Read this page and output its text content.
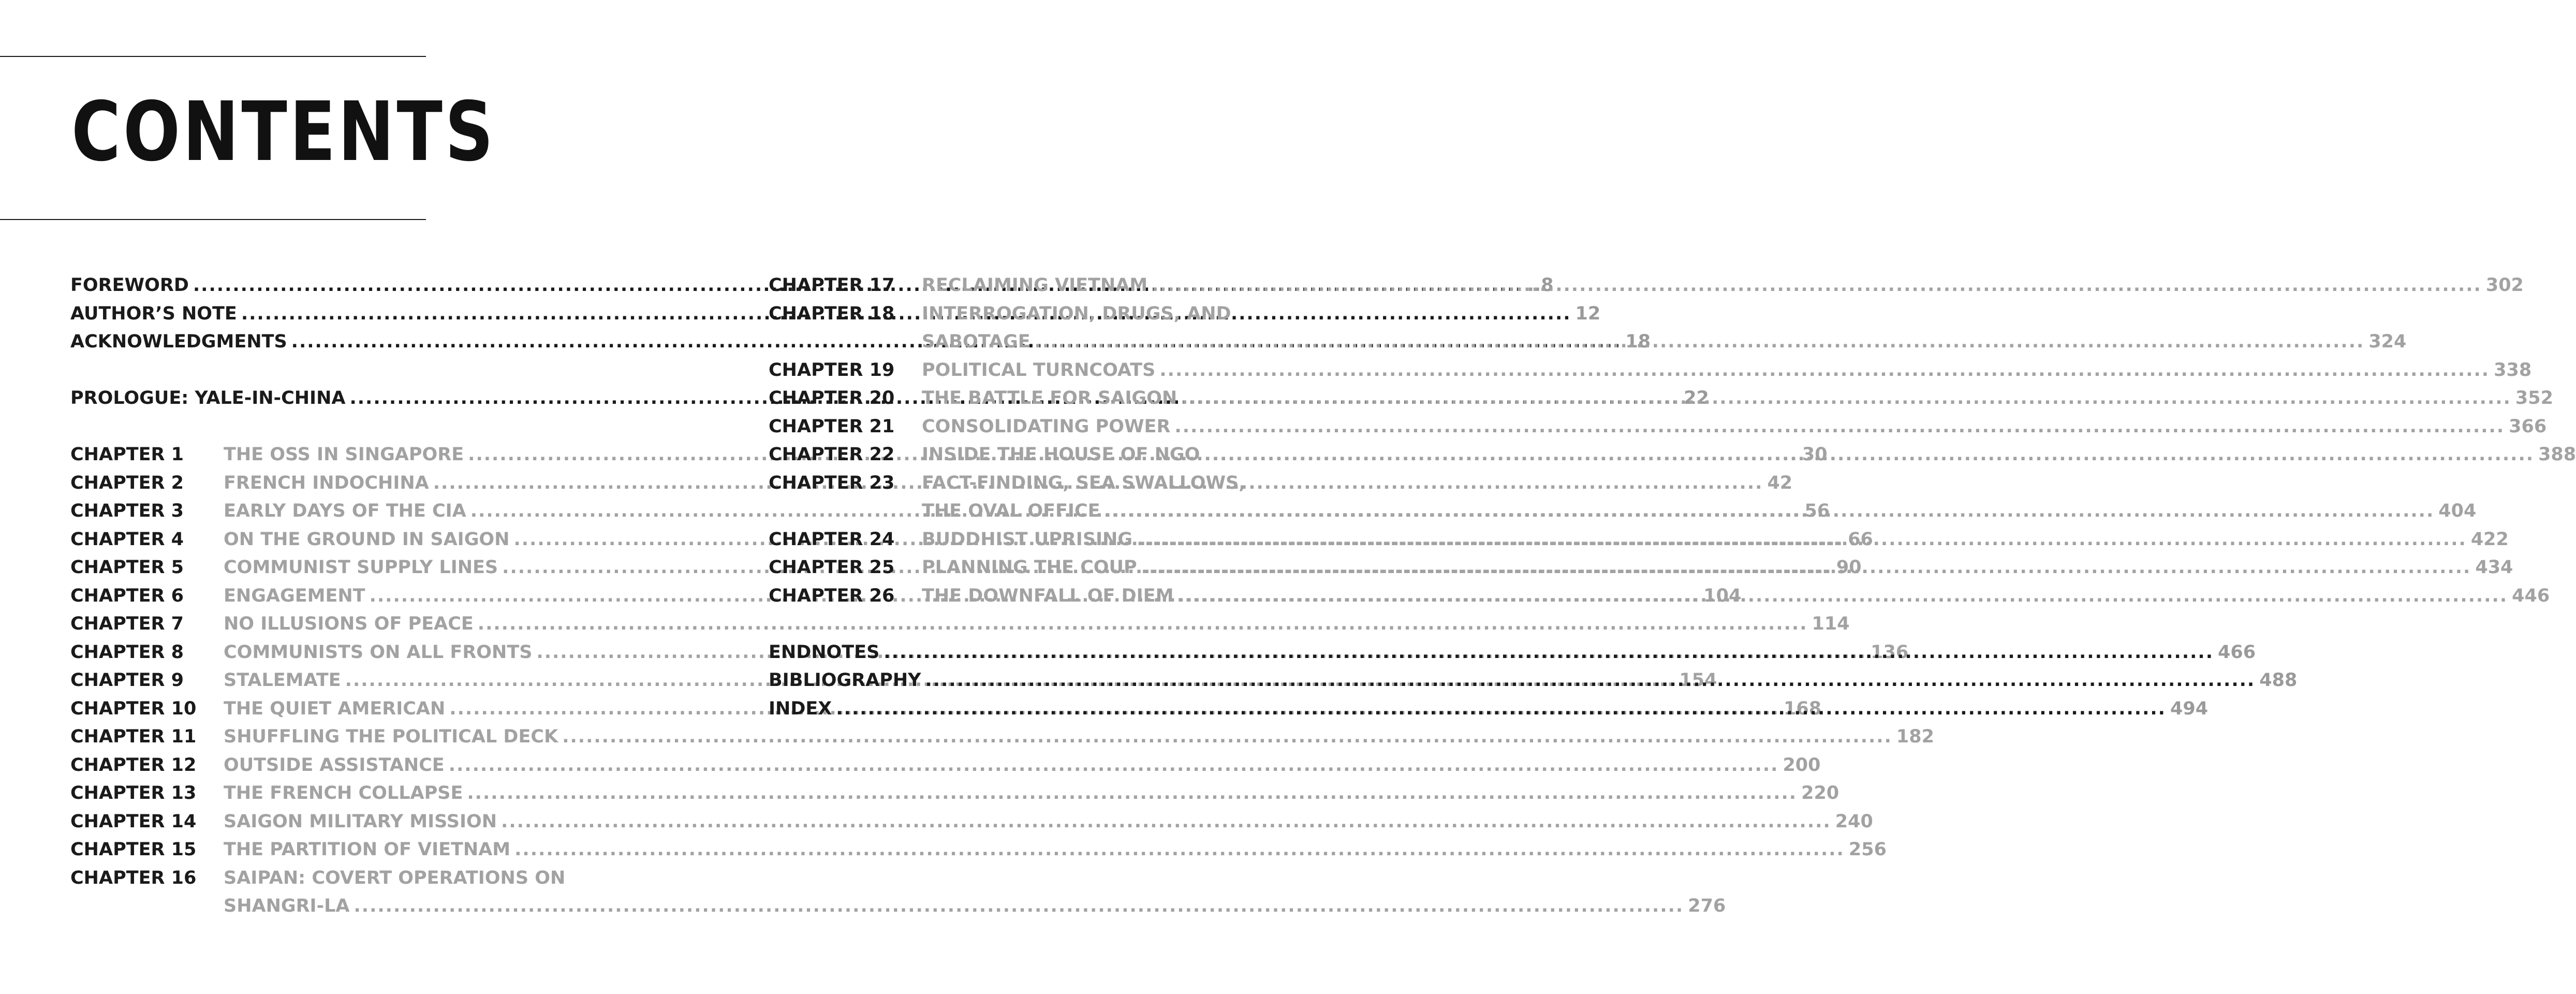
CONTENTS
FOREWORD .....	..8
AUTHOR’S NOTE .....	12
ACKNOWLEDGMENTS .....	18
PROLOGUE: YALE-IN-CHINA .....	22
CHAPTER 1	THE OSS IN SINGAPORE .....	30
CHAPTER 2	FRENCH INDOCHINA .....	42
CHAPTER 3	EARLY DAYS OF THE CIA .....	56
CHAPTER 4	ON THE GROUND IN SAIGON .....	66
CHAPTER 5	COMMUNIST SUPPLY LINES .....	90
CHAPTER 6	ENGAGEMENT .....	104
CHAPTER 7	NO ILLUSIONS OF PEACE .....	114
CHAPTER 8	COMMUNISTS ON ALL FRONTS .....	136
CHAPTER 9	STALEMATE .....	154
CHAPTER 10	THE QUIET AMERICAN .....	168
CHAPTER 11	SHUFFLING THE POLITICAL DECK .....	182
CHAPTER 12	OUTSIDE ASSISTANCE .....	200
CHAPTER 13	THE FRENCH COLLAPSE .....	220
CHAPTER 14	SAIGON MILITARY MISSION .....	240
CHAPTER 15	THE PARTITION OF VIETNAM .....	256
CHAPTER 16	SAIPAN: COVERT OPERATIONS ON
SHANGRI-LA .....	276
CHAPTER 17	RECLAIMING VIETNAM .....	302
CHAPTER 18	INTERROGATION, DRUGS, AND
SABOTAGE .....	324
CHAPTER 19	POLITICAL TURNCOATS .....	338
CHAPTER 20	THE BATTLE FOR SAIGON .....	352
CHAPTER 21	CONSOLIDATING POWER .....	366
CHAPTER 22	INSIDE THE HOUSE OF NGO .....	388
CHAPTER 23	FACT-FINDING, SEA SWALLOWS,
THE OVAL OFFICE .....	404
CHAPTER 24	BUDDHIST UPRISING .....	422
CHAPTER 25	PLANNING THE COUP .....	434
CHAPTER 26	THE DOWNFALL OF DIEM .....	446
ENDNOTES .....	466
BIBLIOGRAPHY .....	488
INDEX .....	494
